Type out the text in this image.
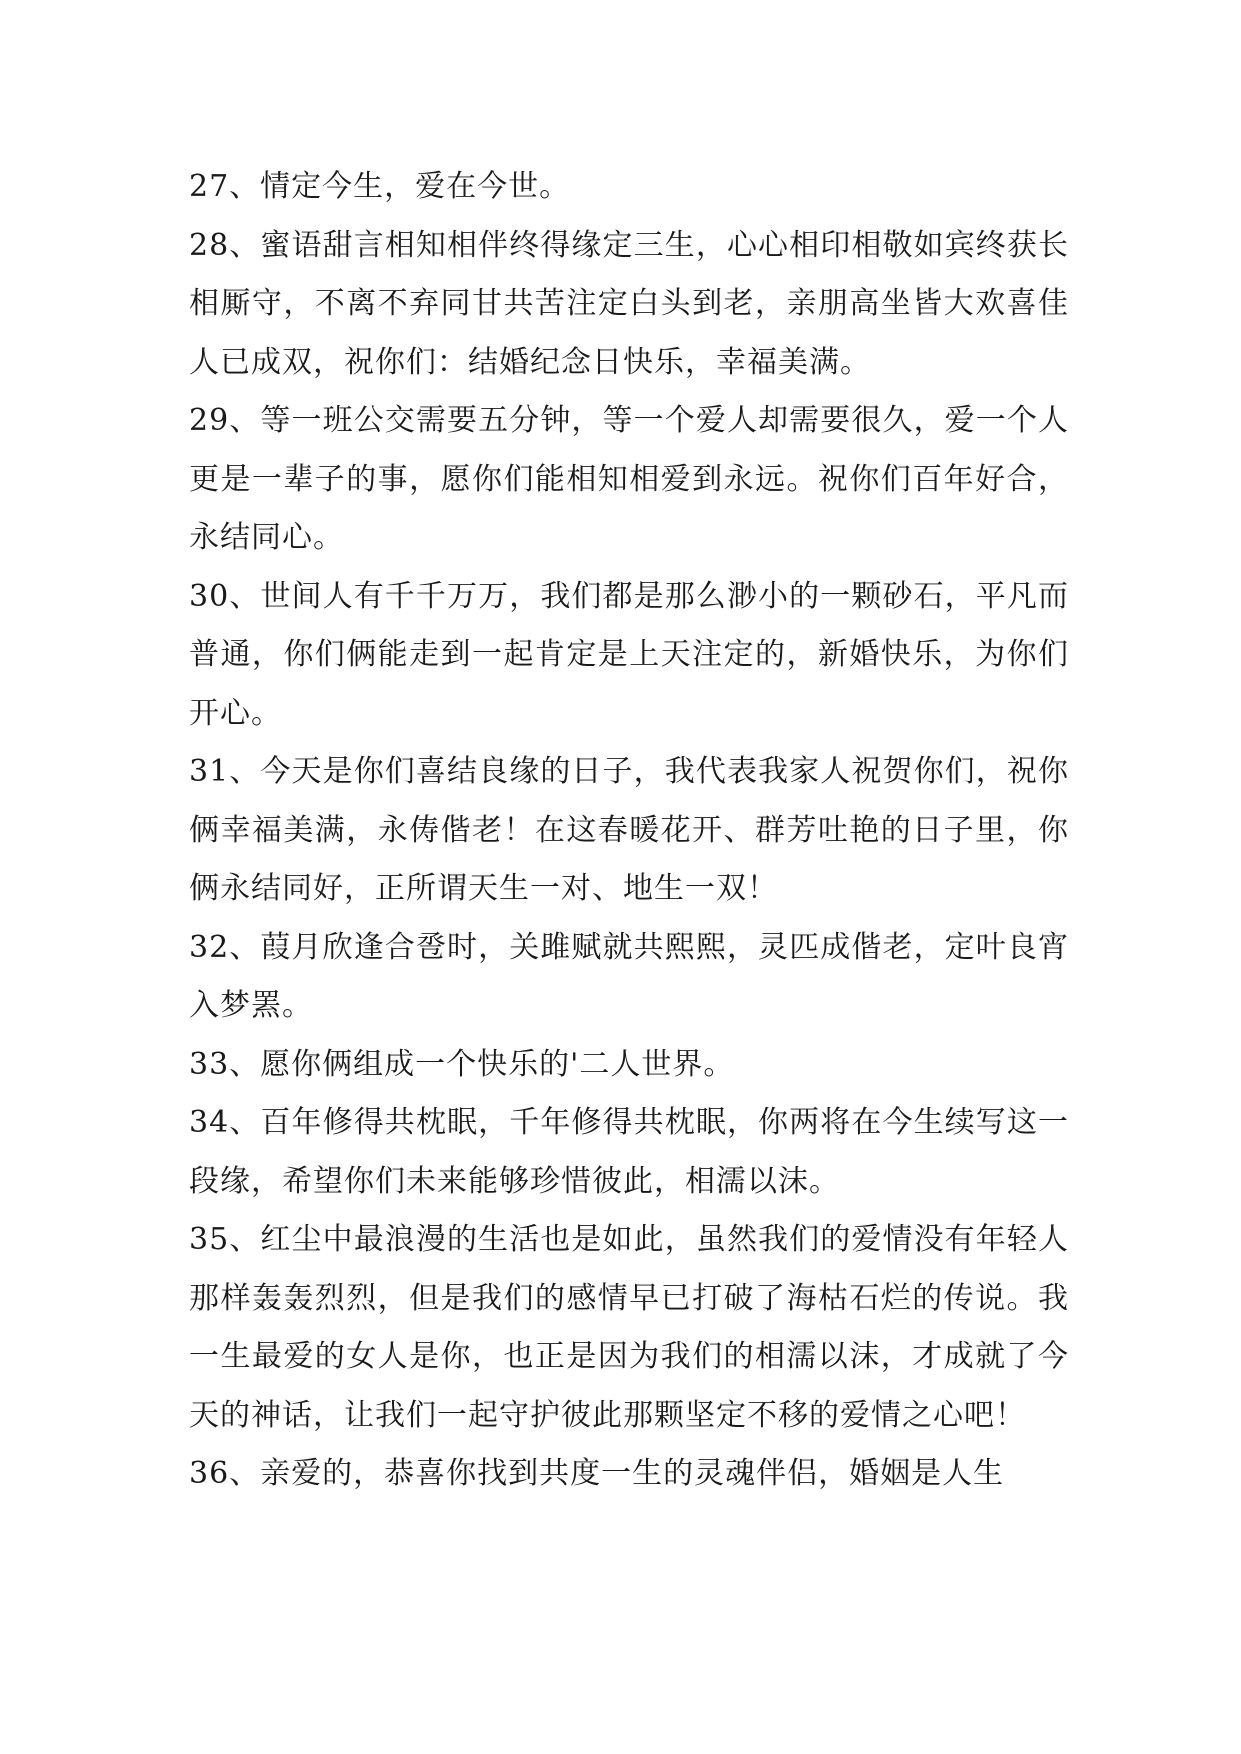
27、情定今生，爱在今世。

28、蜜语甜言相知相伴终得缘定三生，心心相印相敬如宾终获长相厮守，不离不弃同甘共苦注定白头到老，亲朋高坐皆大欢喜佳人已成双，祝你们：结婚纪念日快乐，幸福美满。

29、等一班公交需要五分钟，等一个爱人却需要很久，爱一个人更是一辈子的事，愿你们能相知相爱到永远。祝你们百年好合，永结同心。

30、世间人有千千万万，我们都是那么渺小的一颗砂石，平凡而普通，你们俩能走到一起肯定是上天注定的，新婚快乐，为你们开心。

31、今天是你们喜结良缘的日子，我代表我家人祝贺你们，祝你俩幸福美满，永俦偕老！在这春暖花开、群芳吐艳的日子里，你俩永结同好，正所谓天生一对、地生一双！

32、葭月欣逢合卺时，关雎赋就共熙熙，灵匹成偕老，定叶良宵入梦罴。

33、愿你俩组成一个快乐的'二人世界。

34、百年修得共枕眠，千年修得共枕眠，你两将在今生续写这一段缘，希望你们未来能够珍惜彼此，相濡以沫。

35、红尘中最浪漫的生活也是如此，虽然我们的爱情没有年轻人那样轰轰烈烈，但是我们的感情早已打破了海枯石烂的传说。我一生最爱的女人是你，也正是因为我们的相濡以沫，才成就了今天的神话，让我们一起守护彼此那颗坚定不移的爱情之心吧！

36、亲爱的，恭喜你找到共度一生的灵魂伴侣，婚姻是人生
